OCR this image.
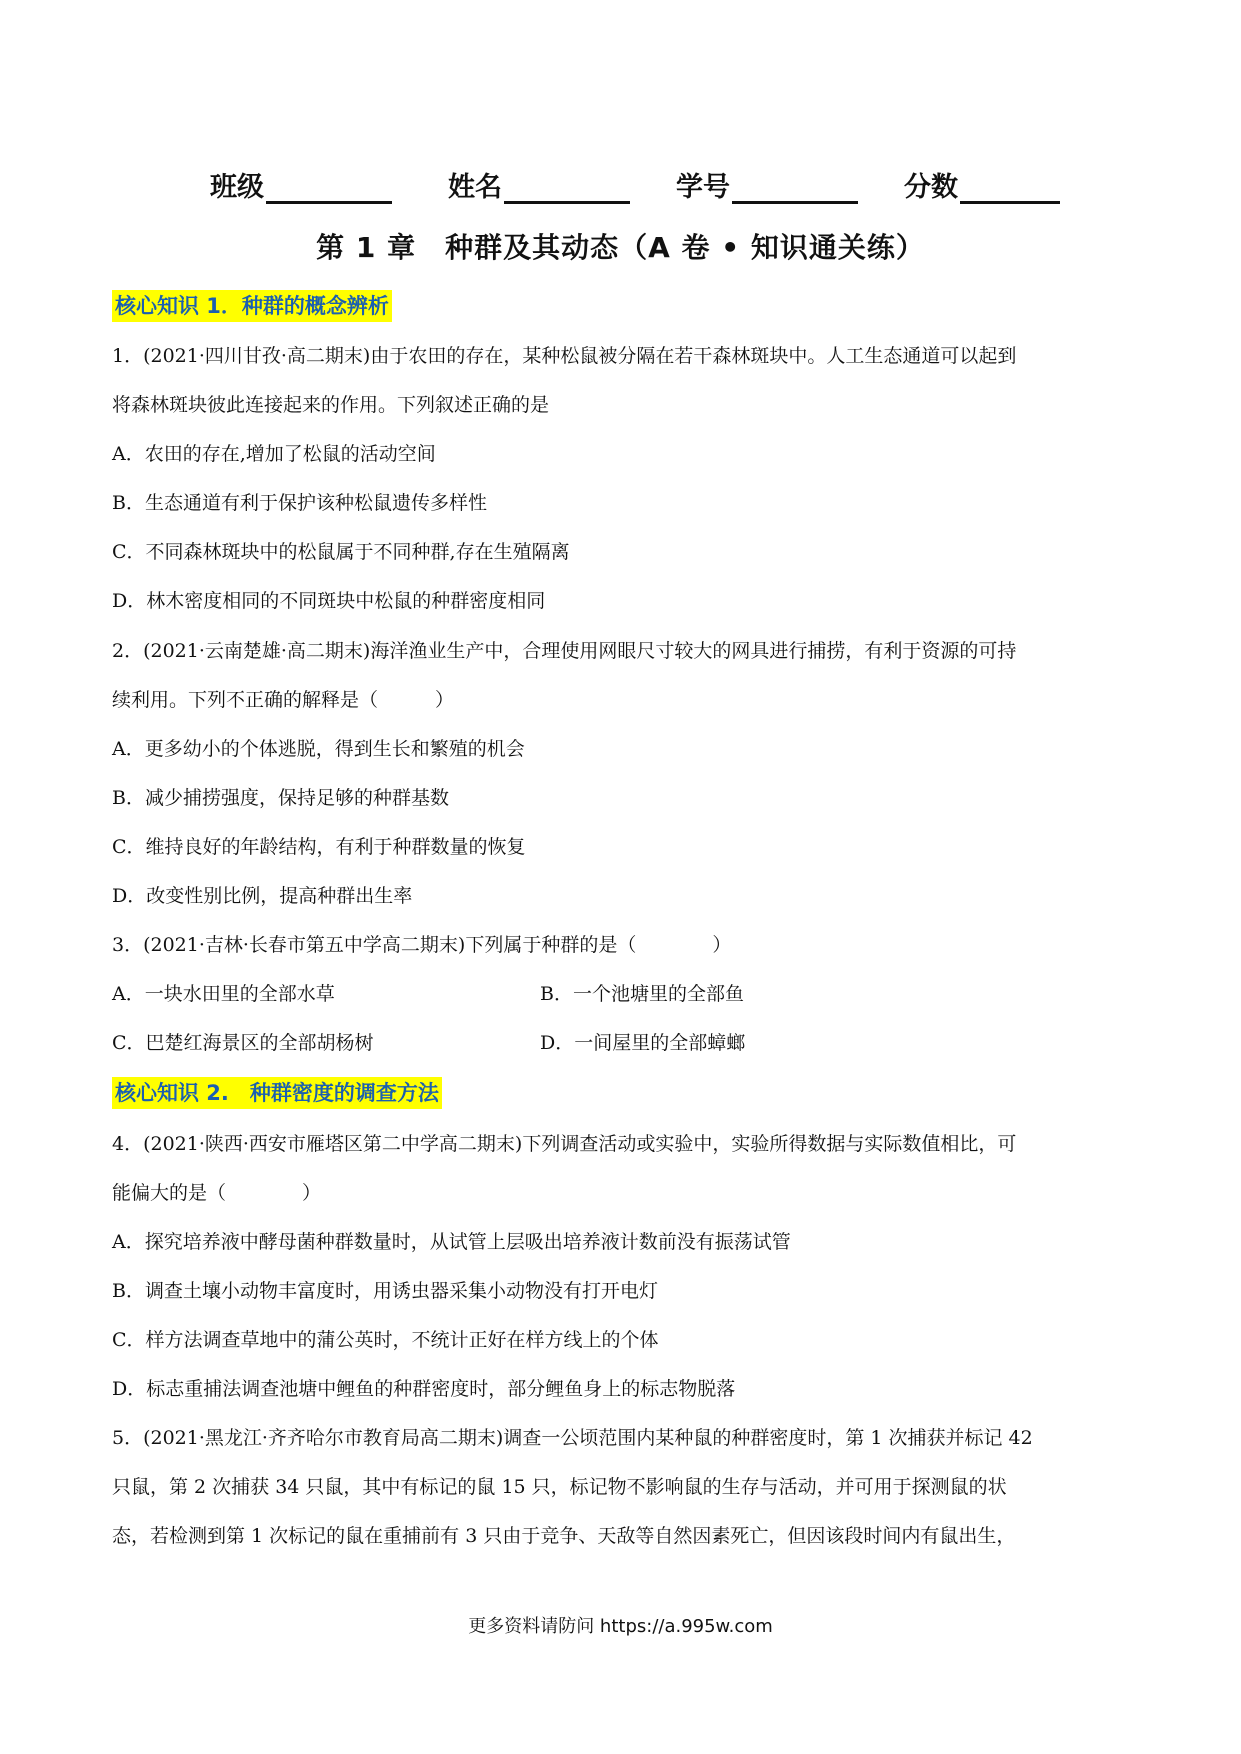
班级	姓名	学号	分数
第 1 章　种群及其动态（A 卷 • 知识通关练）
核心知识 1．种群的概念辨析
1．(2021·四川甘孜·高二期末)由于农田的存在，某种松鼠被分隔在若干森林斑块中。人工生态通道可以起到
将森林斑块彼此连接起来的作用。下列叙述正确的是
A．农田的存在,增加了松鼠的活动空间
B．生态通道有利于保护该种松鼠遗传多样性
C．不同森林斑块中的松鼠属于不同种群,存在生殖隔离
D．林木密度相同的不同斑块中松鼠的种群密度相同
2．(2021·云南楚雄·高二期末)海洋渔业生产中，合理使用网眼尺寸较大的网具进行捕捞，有利于资源的可持
续利用。下列不正确的解释是（　　　）
A．更多幼小的个体逃脱，得到生长和繁殖的机会
B．减少捕捞强度，保持足够的种群基数
C．维持良好的年龄结构，有利于种群数量的恢复
D．改变性别比例，提高种群出生率
3．(2021·吉林·长春市第五中学高二期末)下列属于种群的是（　　　　）
A．一块水田里的全部水草	B．一个池塘里的全部鱼
C．巴楚红海景区的全部胡杨树	D．一间屋里的全部蟑螂
核心知识 2.　种群密度的调查方法
4．(2021·陕西·西安市雁塔区第二中学高二期末)下列调查活动或实验中，实验所得数据与实际数值相比，可
能偏大的是（　　　　）
A．探究培养液中酵母菌种群数量时，从试管上层吸出培养液计数前没有振荡试管
B．调查土壤小动物丰富度时，用诱虫器采集小动物没有打开电灯
C．样方法调查草地中的蒲公英时，不统计正好在样方线上的个体
D．标志重捕法调查池塘中鲤鱼的种群密度时，部分鲤鱼身上的标志物脱落
5．(2021·黑龙江·齐齐哈尔市教育局高二期末)调查一公顷范围内某种鼠的种群密度时，第 1 次捕获并标记 42
只鼠，第 2 次捕获 34 只鼠，其中有标记的鼠 15 只，标记物不影响鼠的生存与活动，并可用于探测鼠的状
态，若检测到第 1 次标记的鼠在重捕前有 3 只由于竞争、天敌等自然因素死亡，但因该段时间内有鼠出生，
更多资料请防问 https://a.995w.com
